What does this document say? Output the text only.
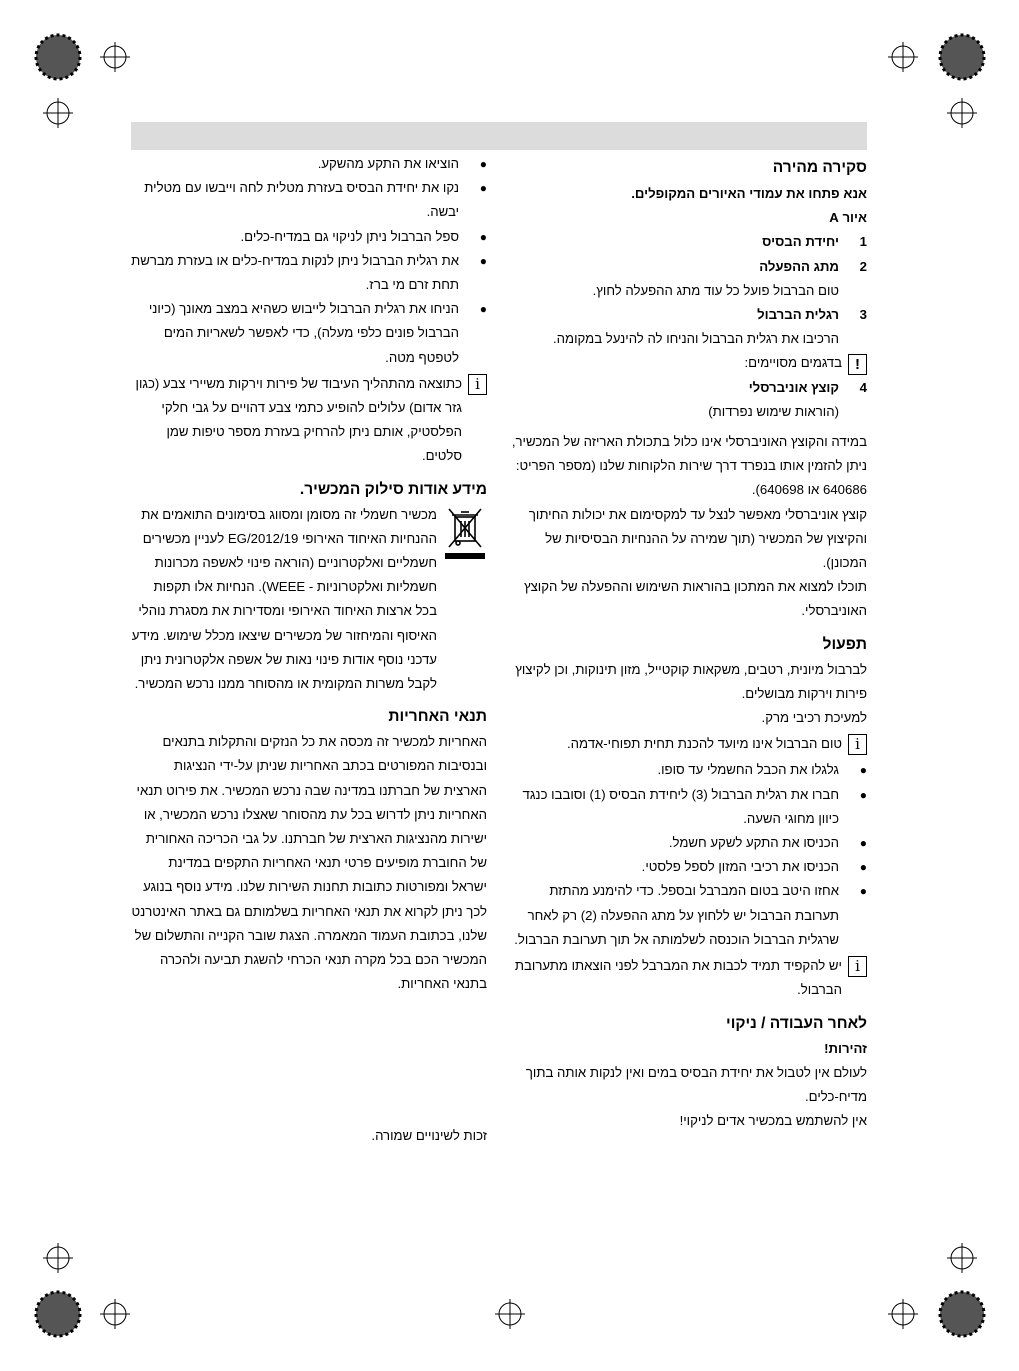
סקירה מהירה

אנא פתחו את עמודי האיורים המקופלים.

איור A

1
יחידת הבסיס
2
מתג ההפעלה
טום הברבול פועל כל עוד מתג ההפעלה לחוץ.
3
רגלית הברבול
הרכיבו את רגלית הברבול והניחו לה להינעל במקומה.
!
בדגמים מסויימים:
4
קוצץ אוניברסלי
(הוראות שימוש נפרדות)

במידה והקוצץ האוניברסלי אינו כלול בתכולת האריזה של המכשיר, ניתן להזמין אותו בנפרד דרך שירות הלקוחות שלנו (מספר הפריט: 640686 או 640698).

קוצץ אוניברסלי מאפשר לנצל עד למקסימום את יכולות החיתוך והקיצוץ של המכשיר (תוך שמירה על ההנחיות הבסיסיות של המכונן).

תוכלו למצוא את המתכון בהוראות השימוש וההפעלה של הקוצץ האוניברסלי.

תפעול

לברבול מיונית, רטבים, משקאות קוקטייל, מזון תינוקות, וכן לקיצוץ פירות וירקות מבושלים.

למעיכת רכיבי מרק.

i
טום הברבול אינו מיועד להכנת תחית תפוחי-אדמה.
●
גלגלו את הכבל החשמלי עד סופו.
●
חברו את רגלית הברבול (3) ליחידת הבסיס (1) וסובבו כנגד כיוון מחוגי השעה.
●
הכניסו את התקע לשקע חשמל.
●
הכניסו את רכיבי המזון לספל פלסטי.
●
אחזו היטב בטום המברבל ובספל. כדי להימנע מהתזת תערובת הברבול יש ללחוץ על מתג ההפעלה (2) רק לאחר שרגלית הברבול הוכנסה לשלמותה אל תוך תערובת הברבול.
i
יש להקפיד תמיד לכבות את המברבל לפני הוצאתו מתערובת הברבול.
לאחר העבודה / ניקוי

זהירות!

לעולם אין לטבול את יחידת הבסיס במים ואין לנקות אותה בתוך מדיח-כלים.

אין להשתמש במכשיר אדים לניקוי!

●
הוציאו את התקע מהשקע.
●
נקו את יחידת הבסיס בעזרת מטלית לחה וייבשו עם מטלית יבשה.
●
ספל הברבול ניתן לניקוי גם במדיח-כלים.
●
את רגלית הברבול ניתן לנקות במדיח-כלים או בעזרת מברשת תחת זרם מי ברז.
●
הניחו את רגלית הברבול לייבוש כשהיא במצב מאונך (כיוני הברבול פונים כלפי מעלה), כדי לאפשר לשאריות המים לטפטף מטה.
i
כתוצאה מהתהליך העיבוד של פירות וירקות משיירי צבע (כגון גזר אדום) עלולים להופיע כתמי צבע דהויים על גבי חלקי הפלסטיק, אותם ניתן להרחיק בעזרת מספר טיפות שמן סלטים.
מידע אודות סילוק המכשיר.
מכשיר חשמלי זה מסומן ומסווג בסימונים התואמים את ההנחיות האיחוד האירופי 2012/19/EG לעניין מכשירים חשמליים ואלקטרוניים (הוראה פינוי לאשפה מכרונות חשמליות ואלקטרוניות - WEEE). הנחיות אלו תקפות בכל ארצות האיחוד האירופי ומסדירות את מסגרת נוהלי האיסוף והמיחזור של מכשירים שיצאו מכלל שימוש. מידע עדכני נוסף אודות פינוי נאות של אשפה אלקטרונית ניתן לקבל משרות המקומית או מהסוחר ממנו נרכש המכשיר.
תנאי האחריות

האחריות למכשיר זה מכסה את כל הנזקים והתקלות בתנאים ובנסיבות המפורטים בכתב האחריות שניתן על-ידי הנציגות הארצית של חברתנו במדינה שבה נרכש המכשיר. את פירוט תנאי האחריות ניתן לדרוש בכל עת מהסוחר שאצלו נרכש המכשיר, או ישירות מהנציגות הארצית של חברתנו. על גבי הכריכה האחורית של החוברת מופיעים פרטי תנאי האחריות התקפים במדינת ישראל ומפורטות כתובות תחנות השירות שלנו. מידע נוסף בנוגע לכך ניתן לקרוא את תנאי האחריות בשלמותם גם באתר האינטרנט שלנו, בכתובת העמוד המאמרה. הצגת שובר הקנייה והתשלום של המכשיר הכם בכל מקרה תנאי הכרחי להשגת תביעה ולהכרה בתנאי האחריות.

זכות לשינויים שמורה.
